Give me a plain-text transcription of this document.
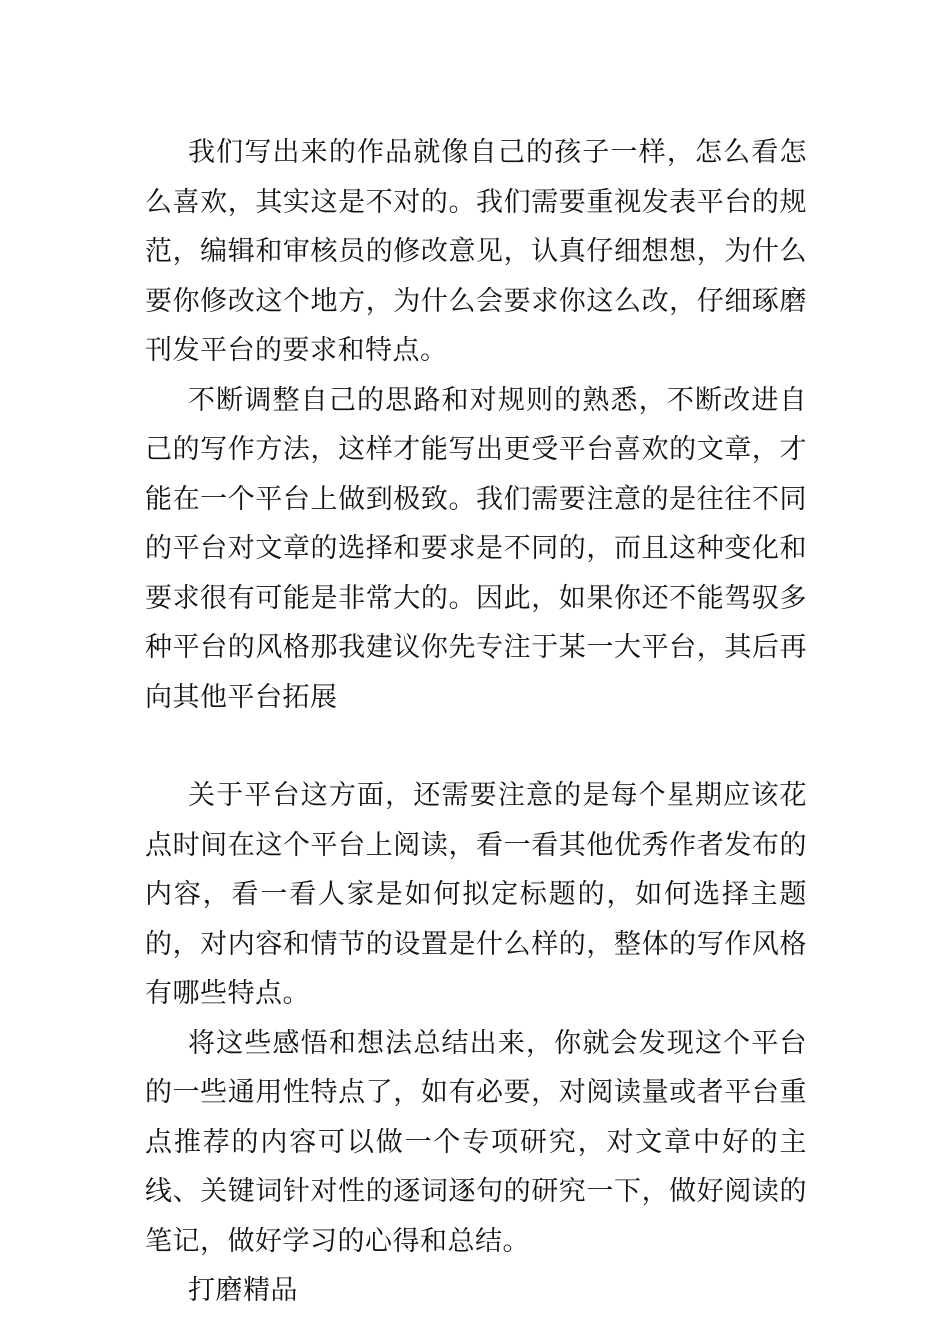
我们写出来的作品就像自己的孩子一样，怎么看怎么喜欢，其实这是不对的。我们需要重视发表平台的规范，编辑和审核员的修改意见，认真仔细想想，为什么要你修改这个地方，为什么会要求你这么改，仔细琢磨刊发平台的要求和特点。

不断调整自己的思路和对规则的熟悉，不断改进自己的写作方法，这样才能写出更受平台喜欢的文章，才能在一个平台上做到极致。我们需要注意的是往往不同的平台对文章的选择和要求是不同的，而且这种变化和要求很有可能是非常大的。因此，如果你还不能驾驭多种平台的风格那我建议你先专注于某一大平台，其后再向其他平台拓展

关于平台这方面，还需要注意的是每个星期应该花点时间在这个平台上阅读，看一看其他优秀作者发布的内容，看一看人家是如何拟定标题的，如何选择主题的，对内容和情节的设置是什么样的，整体的写作风格有哪些特点。

将这些感悟和想法总结出来，你就会发现这个平台的一些通用性特点了，如有必要，对阅读量或者平台重点推荐的内容可以做一个专项研究，对文章中好的主线、关键词针对性的逐词逐句的研究一下，做好阅读的笔记，做好学习的心得和总结。

打磨精品
